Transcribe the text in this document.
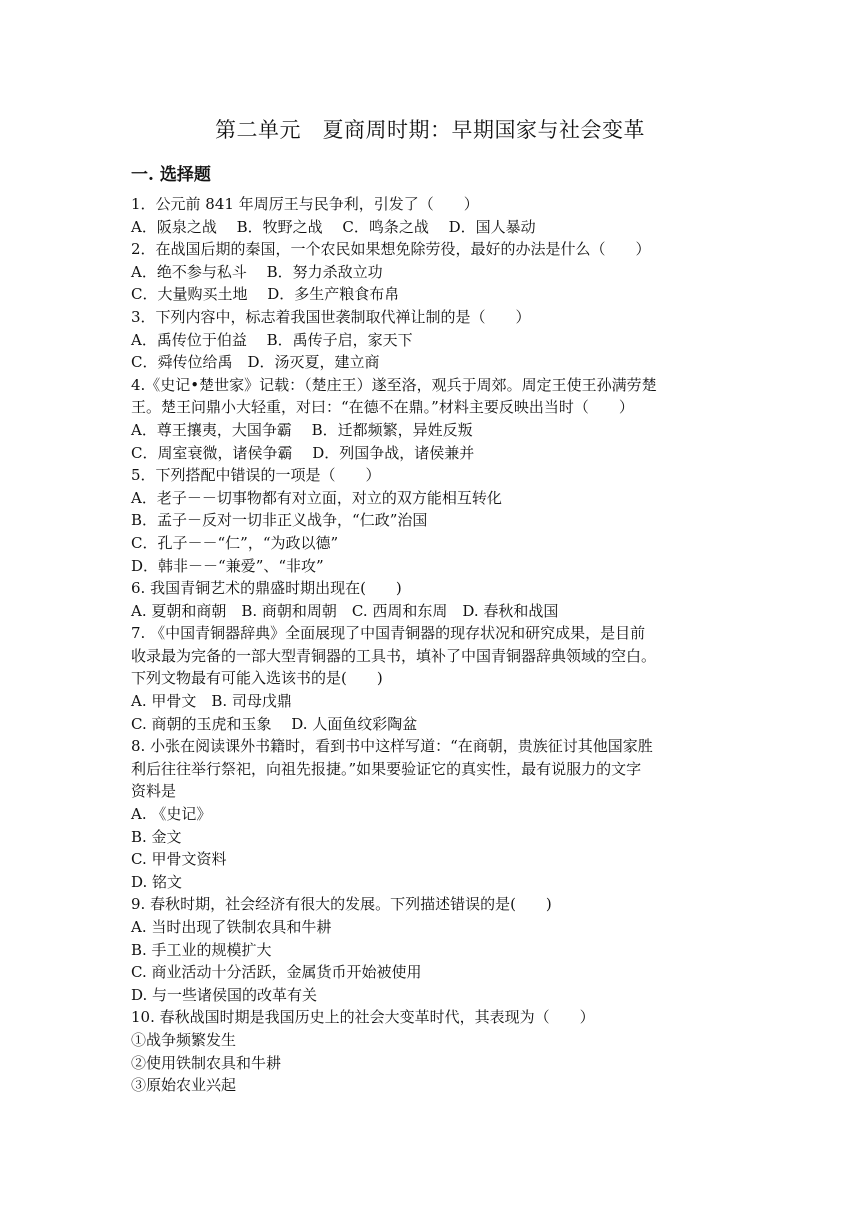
第二单元　夏商周时期：早期国家与社会变革
一. 选择题
1．公元前 841 年周厉王与民争利，引发了（　　）
A．阪泉之战　 B．牧野之战　 C．鸣条之战　 D．国人暴动
2．在战国后期的秦国，一个农民如果想免除劳役，最好的办法是什么（　　）
A．绝不参与私斗　 B．努力杀敌立功
C．大量购买土地　 D．多生产粮食布帛
3．下列内容中，标志着我国世袭制取代禅让制的是（　　）
A．禹传位于伯益　 B．禹传子启，家天下
C．舜传位给禹　D．汤灭夏，建立商
4.《史记•楚世家》记载：（楚庄王）遂至洛，观兵于周郊。周定王使王孙满劳楚
王。楚王问鼎小大轻重，对曰：“在德不在鼎。”材料主要反映出当时（　　）
A．尊王攘夷，大国争霸　 B．迁都频繁，异姓反叛
C．周室衰微，诸侯争霸　 D．列国争战，诸侯兼并
5．下列搭配中错误的一项是（　　）
A．老子－－切事物都有对立面，对立的双方能相互转化
B．孟子－反对一切非正义战争，“仁政”治国
C．孔子－－“仁”，“为政以德”
D．韩非－－“兼爱”、“非攻”
6. 我国青铜艺术的鼎盛时期出现在(　　)
A. 夏朝和商朝　B. 商朝和周朝　C. 西周和东周　D. 春秋和战国
7. 《中国青铜器辞典》全面展现了中国青铜器的现存状况和研究成果，是目前
收录最为完备的一部大型青铜器的工具书，填补了中国青铜器辞典领域的空白。
下列文物最有可能入选该书的是(　　)
A. 甲骨文　B. 司母戊鼎
C. 商朝的玉虎和玉象　 D. 人面鱼纹彩陶盆
8. 小张在阅读课外书籍时，看到书中这样写道：“在商朝，贵族征讨其他国家胜
利后往往举行祭祀，向祖先报捷。”如果要验证它的真实性，最有说服力的文字
资料是
A. 《史记》
B. 金文
C. 甲骨文资料
D. 铭文
9. 春秋时期，社会经济有很大的发展。下列描述错误的是(　　)
A. 当时出现了铁制农具和牛耕
B. 手工业的规模扩大
C. 商业活动十分活跃，金属货币开始被使用
D. 与一些诸侯国的改革有关
10. 春秋战国时期是我国历史上的社会大变革时代，其表现为（　　）
①战争频繁发生
②使用铁制农具和牛耕
③原始农业兴起
